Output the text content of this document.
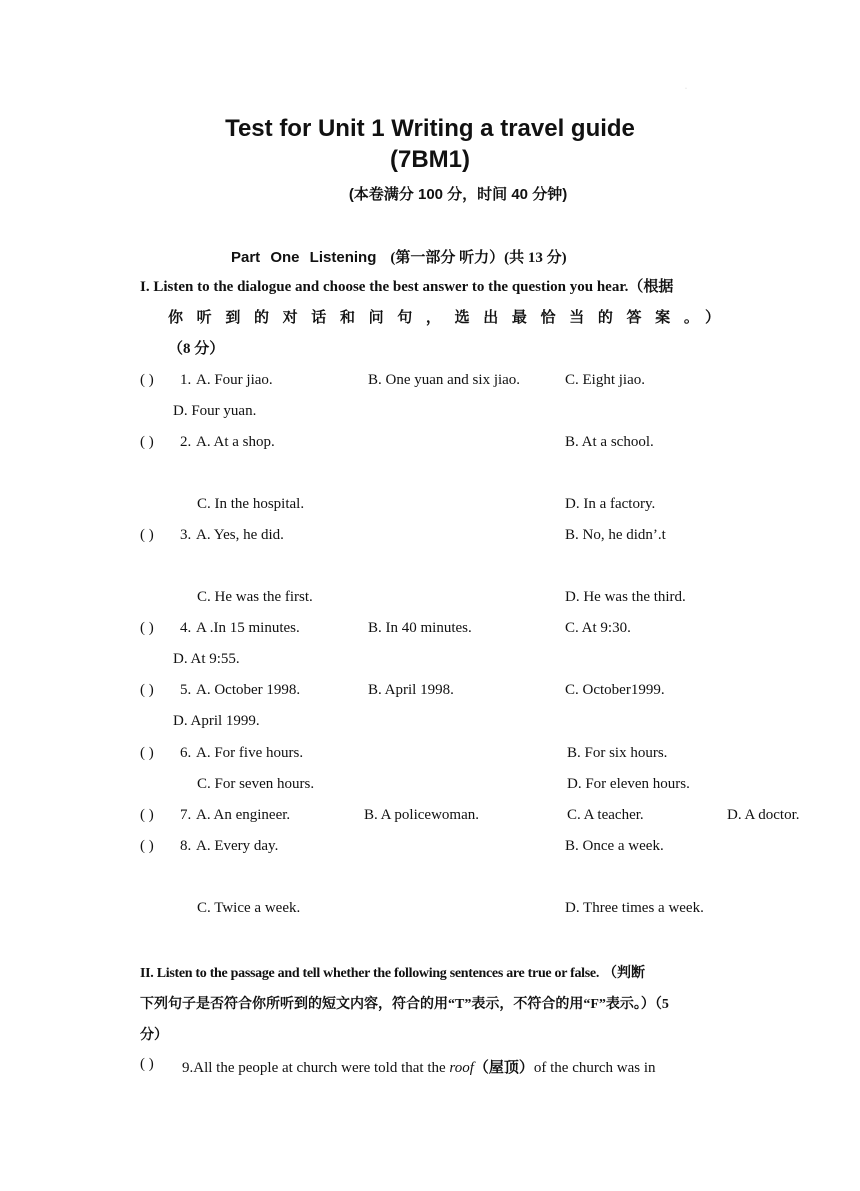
·
Test for Unit 1 Writing a travel guide
(7BM1)
(本卷满分 100 分，时间 40 分钟)
Part One Listening (第一部分 听力）(共 13 分)
I. Listen to the dialogue and choose the best answer to the question you hear.（根据
你听到的对话和问句，选出最恰当的答案。）
（8 分）
( ) 1. A. Four jiao.	B. One yuan and six jiao.	C. Eight jiao.
D. Four yuan.
( ) 2. A. At a shop.	B. At a school.
C. In the hospital.	D. In a factory.
( ) 3. A. Yes, he did.	B. No, he didn’.t
C. He was the first.	D. He was the third.
( ) 4. A .In 15 minutes.	B. In 40 minutes.	C. At 9:30.
D. At 9:55.
( ) 5. A. October 1998.	B. April 1998.	C. October1999.
D. April 1999.
( ) 6. A. For five hours.	B. For six hours.
C. For seven hours.	D. For eleven hours.
( ) 7. A. An engineer.	B. A policewoman.	C. A teacher.	D. A doctor.
( ) 8. A. Every day.	B. Once a week.
C. Twice a week.	D. Three times a week.
II. Listen to the passage and tell whether the following sentences are true or false. （判断
下列句子是否符合你所听到的短文内容，符合的用“T”表示，不符合的用“F”表示。）（5
分）
( ) 9.All the people at church were told that the roof（屋顶）of the church was in
